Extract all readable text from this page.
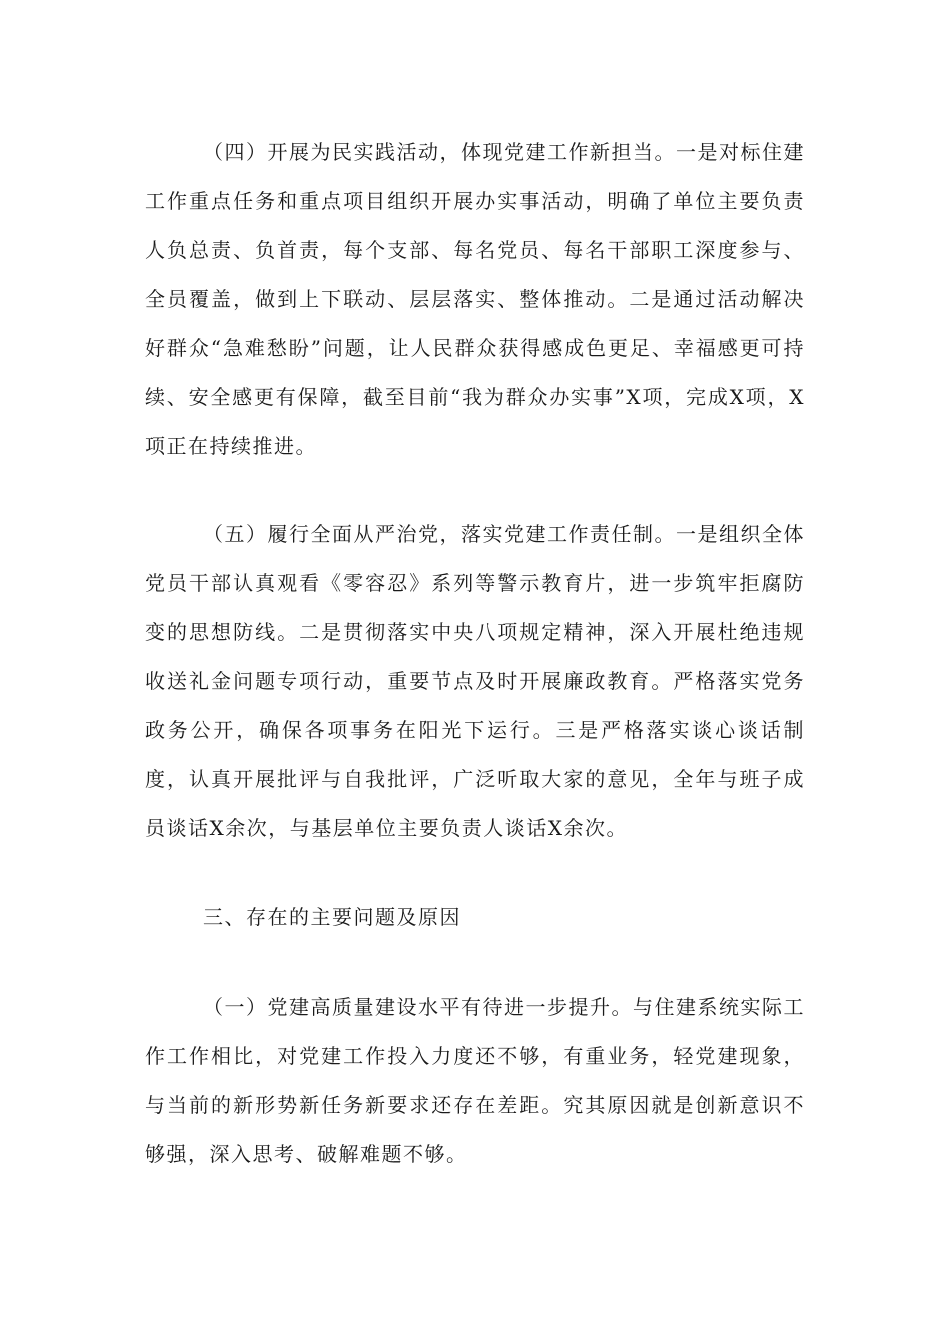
（四）开展为民实践活动，体现党建工作新担当。一是对标住建工作重点任务和重点项目组织开展办实事活动，明确了单位主要负责人负总责、负首责，每个支部、每名党员、每名干部职工深度参与、全员覆盖，做到上下联动、层层落实、整体推动。二是通过活动解决好群众“急难愁盼”问题，让人民群众获得感成色更足、幸福感更可持续、安全感更有保障，截至目前“我为群众办实事”X项，完成X项，X项正在持续推进。

（五）履行全面从严治党，落实党建工作责任制。一是组织全体党员干部认真观看《零容忍》系列等警示教育片，进一步筑牢拒腐防变的思想防线。二是贯彻落实中央八项规定精神，深入开展杜绝违规收送礼金问题专项行动，重要节点及时开展廉政教育。严格落实党务政务公开，确保各项事务在阳光下运行。三是严格落实谈心谈话制度，认真开展批评与自我批评，广泛听取大家的意见，全年与班子成员谈话X余次，与基层单位主要负责人谈话X余次。

三、存在的主要问题及原因

（一）党建高质量建设水平有待进一步提升。与住建系统实际工作工作相比，对党建工作投入力度还不够，有重业务，轻党建现象，与当前的新形势新任务新要求还存在差距。究其原因就是创新意识不够强，深入思考、破解难题不够。
